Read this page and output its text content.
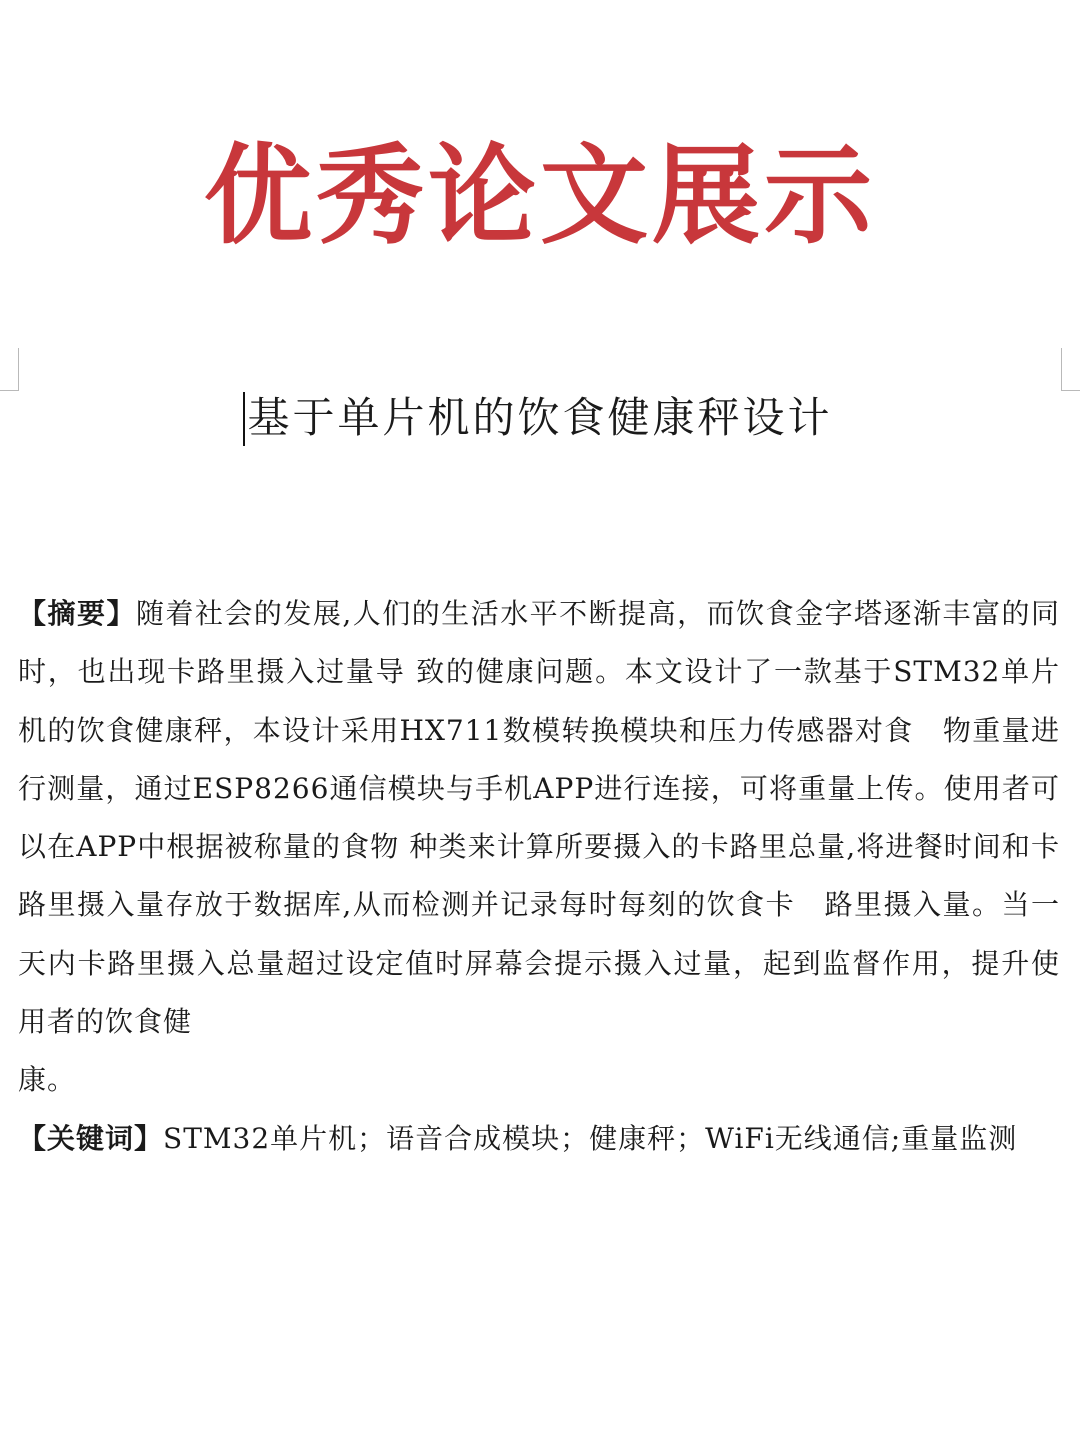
优秀论文展示
基于单片机的饮食健康秤设计

【摘要】随着社会的发展,人们的生活水平不断提高，而饮食金字塔逐渐丰富的同时，也出现卡路里摄入过量导 致的健康问题。本文设计了一款基于STM32单片机的饮食健康秤，本设计采用HX711数模转换模块和压力传感器对食　物重量进行测量，通过ESP8266通信模块与手机APP进行连接，可将重量上传。使用者可以在APP中根据被称量的食物 种类来计算所要摄入的卡路里总量,将进餐时间和卡路里摄入量存放于数据库,从而检测并记录每时每刻的饮食卡　路里摄入量。当一天内卡路里摄入总量超过设定值时屏幕会提示摄入过量，起到监督作用，提升使用者的饮食健

康。

【关键词】STM32单片机；语音合成模块；健康秤；WiFi无线通信;重量监测
